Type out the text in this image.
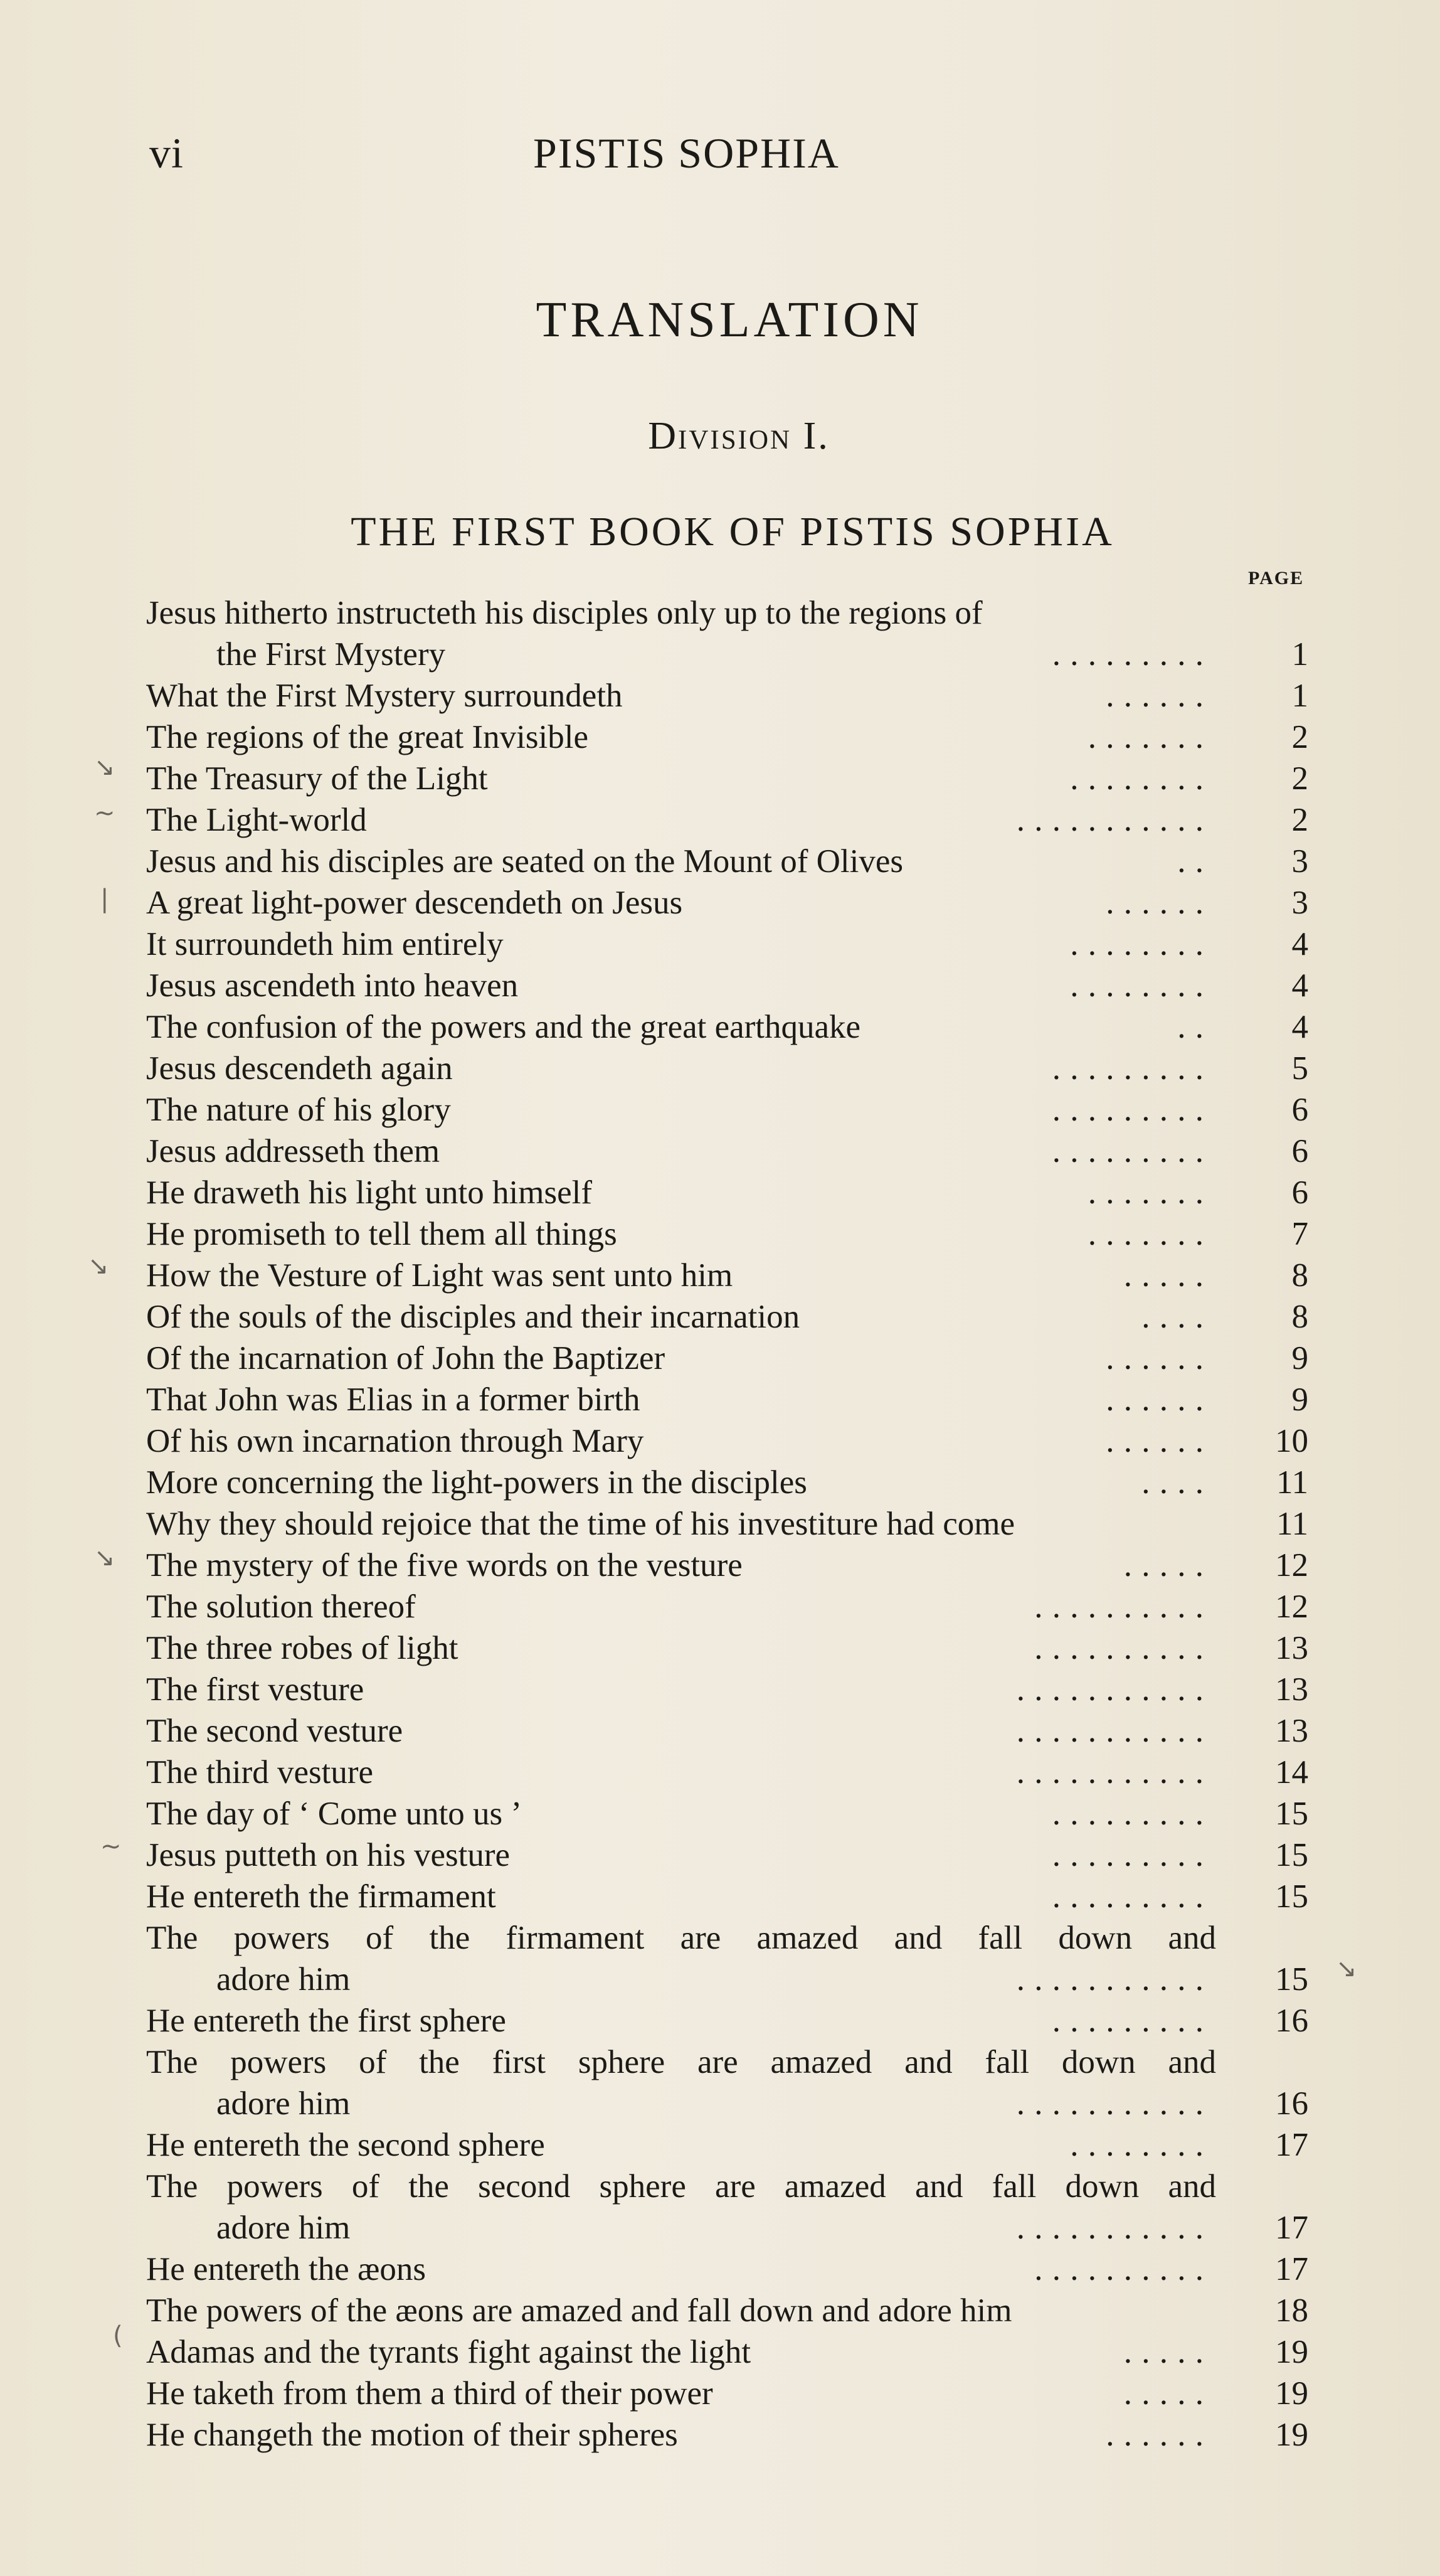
vi	PISTIS SOPHIA
TRANSLATION
Division I.
THE FIRST BOOK OF PISTIS SOPHIA
PAGE
Jesus hitherto instructeth his disciples only up to the regions of
the First Mystery	. . . . . . . . .	1
What the First Mystery surroundeth	. . . . . .	1
The regions of the great Invisible	. . . . . . .	2
The Treasury of the Light	. . . . . . . .	2
The Light-world	. . . . . . . . . . .	2
Jesus and his disciples are seated on the Mount of Olives	. .	3
A great light-power descendeth on Jesus	. . . . . .	3
It surroundeth him entirely	. . . . . . . .	4
Jesus ascendeth into heaven	. . . . . . . .	4
The confusion of the powers and the great earthquake	. .	4
Jesus descendeth again	. . . . . . . . .	5
The nature of his glory	. . . . . . . . .	6
Jesus addresseth them	. . . . . . . . .	6
He draweth his light unto himself	. . . . . . .	6
He promiseth to tell them all things	. . . . . . .	7
How the Vesture of Light was sent unto him	. . . . .	8
Of the souls of the disciples and their incarnation	. . . .	8
Of the incarnation of John the Baptizer	. . . . . .	9
That John was Elias in a former birth	. . . . . .	9
Of his own incarnation through Mary	. . . . . .	10
More concerning the light-powers in the disciples	. . . .	11
Why they should rejoice that the time of his investiture had come	11
The mystery of the five words on the vesture	. . . . .	12
The solution thereof	. . . . . . . . . .	12
The three robes of light	. . . . . . . . . .	13
The first vesture	. . . . . . . . . . .	13
The second vesture	. . . . . . . . . . .	13
The third vesture	. . . . . . . . . . .	14
The day of ‘ Come unto us ’	. . . . . . . . .	15
Jesus putteth on his vesture	. . . . . . . . .	15
He entereth the firmament	. . . . . . . . .	15
The powers of the firmament are amazed and fall down and
adore him	. . . . . . . . . . .	15
He entereth the first sphere	. . . . . . . . .	16
The powers of the first sphere are amazed and fall down and
adore him	. . . . . . . . . . .	16
He entereth the second sphere	. . . . . . . .	17
The powers of the second sphere are amazed and fall down and
adore him	. . . . . . . . . . .	17
He entereth the æons	. . . . . . . . . .	17
The powers of the æons are amazed and fall down and adore him	18
Adamas and the tyrants fight against the light	. . . . .	19
He taketh from them a third of their power	. . . . .	19
He changeth the motion of their spheres	. . . . . .	19
↘
~
|
↘
↘
~
↘
(
